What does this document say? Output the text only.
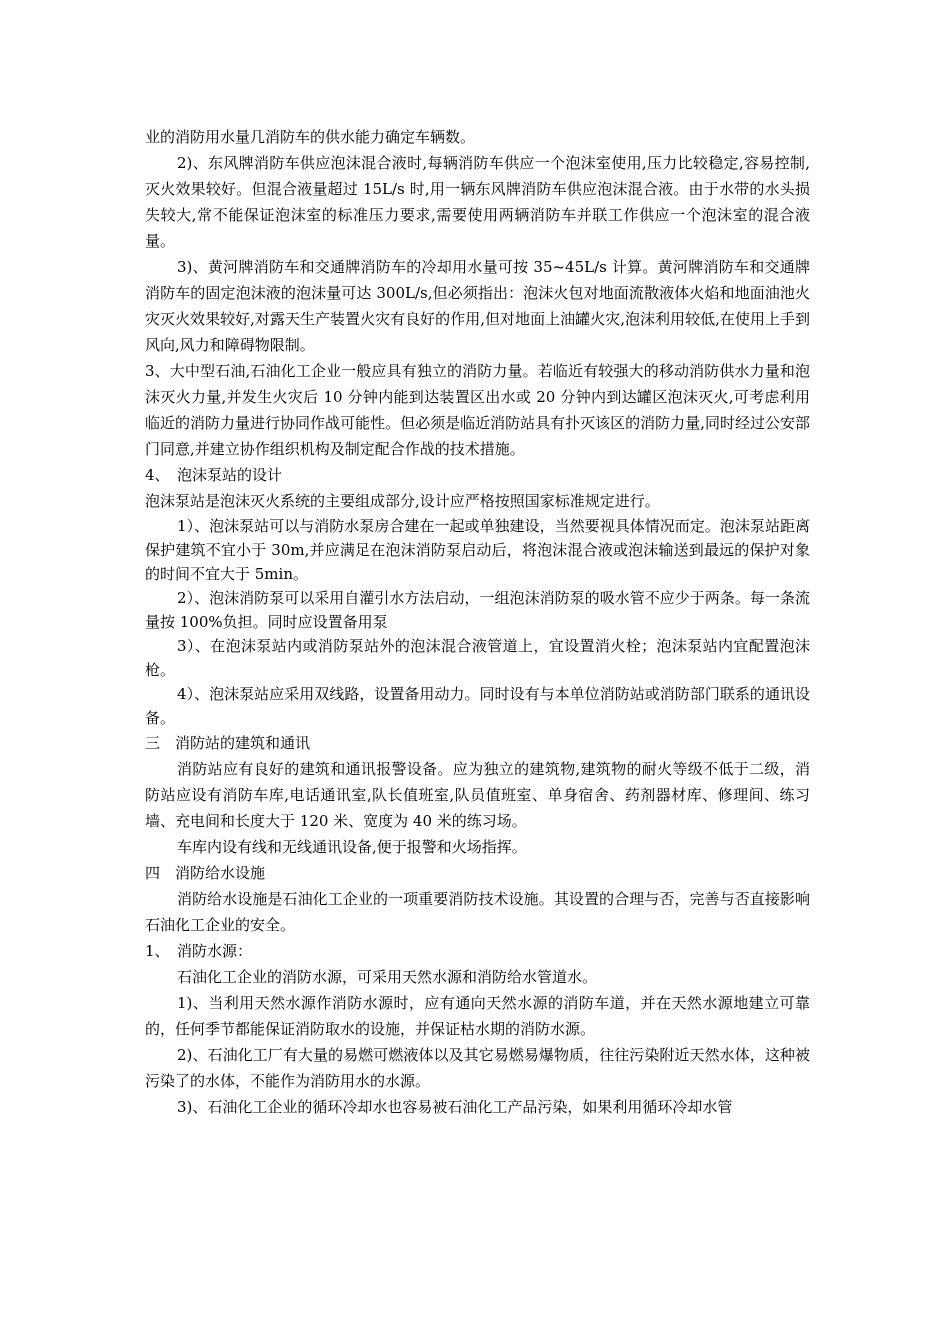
业的消防用水量几消防车的供水能力确定车辆数。

2)、东风牌消防车供应泡沫混合液时,每辆消防车供应一个泡沫室使用,压力比较稳定,容易控制,灭火效果较好。但混合液量超过 15L/s 时,用一辆东风牌消防车供应泡沫混合液。由于水带的水头损失较大,常不能保证泡沫室的标准压力要求,需要使用两辆消防车并联工作供应一个泡沫室的混合液量。

3)、黄河牌消防车和交通牌消防车的冷却用水量可按 35~45L/s 计算。黄河牌消防车和交通牌消防车的固定泡沫液的泡沫量可达 300L/s,但必须指出：泡沫火包对地面流散液体火焰和地面油池火灾灭火效果较好,对露天生产装置火灾有良好的作用,但对地面上油罐火灾,泡沫利用较低,在使用上手到风向,风力和障碍物限制。

3、大中型石油,石油化工企业一般应具有独立的消防力量。若临近有较强大的移动消防供水力量和泡沫灭火力量,并发生火灾后 10 分钟内能到达装置区出水或 20 分钟内到达罐区泡沫灭火,可考虑利用临近的消防力量进行协同作战可能性。但必须是临近消防站具有扑灭该区的消防力量,同时经过公安部门同意,并建立协作组织机构及制定配合作战的技术措施。

4、　泡沫泵站的设计

泡沫泵站是泡沫灭火系统的主要组成部分,设计应严格按照国家标准规定进行。

1）、泡沫泵站可以与消防水泵房合建在一起或单独建设，当然要视具体情况而定。泡沫泵站距离保护建筑不宜小于 30m,并应满足在泡沫消防泵启动后，将泡沫混合液或泡沫输送到最远的保护对象的时间不宜大于 5min。

2）、泡沫消防泵可以采用自灌引水方法启动，一组泡沫消防泵的吸水管不应少于两条。每一条流量按 100%负担。同时应设置备用泵

3）、在泡沫泵站内或消防泵站外的泡沫混合液管道上，宜设置消火栓；泡沫泵站内宜配置泡沫枪。

4）、泡沫泵站应采用双线路，设置备用动力。同时设有与本单位消防站或消防部门联系的通讯设备。

三　消防站的建筑和通讯

消防站应有良好的建筑和通讯报警设备。应为独立的建筑物,建筑物的耐火等级不低于二级，消防站应设有消防车库,电话通讯室,队长值班室,队员值班室、单身宿舍、药剂器材库、修理间、练习墙、充电间和长度大于 120 米、宽度为 40 米的练习场。

车库内设有线和无线通讯设备,便于报警和火场指挥。

四　消防给水设施

消防给水设施是石油化工企业的一项重要消防技术设施。其设置的合理与否，完善与否直接影响石油化工企业的安全。

1、　消防水源：

石油化工企业的消防水源，可采用天然水源和消防给水管道水。

1)、当利用天然水源作消防水源时，应有通向天然水源的消防车道，并在天然水源地建立可靠的，任何季节都能保证消防取水的设施，并保证枯水期的消防水源。

2)、石油化工厂有大量的易燃可燃液体以及其它易燃易爆物质，往往污染附近天然水体，这种被污染了的水体，不能作为消防用水的水源。

3)、石油化工企业的循环冷却水也容易被石油化工产品污染，如果利用循环冷却水管
